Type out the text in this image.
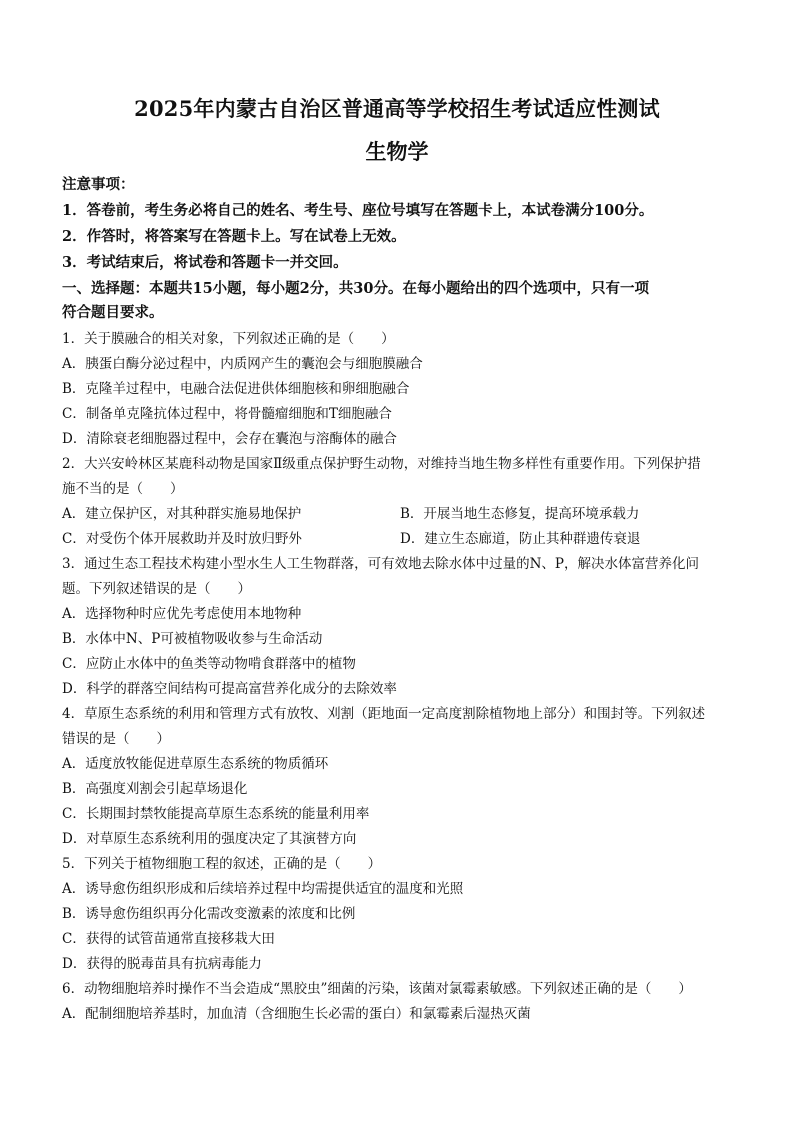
2025年内蒙古自治区普通高等学校招生考试适应性测试
生物学
注意事项：
1．答卷前，考生务必将自己的姓名、考生号、座位号填写在答题卡上，本试卷满分100分。
2．作答时，将答案写在答题卡上。写在试卷上无效。
3．考试结束后，将试卷和答题卡一并交回。
一、选择题：本题共15小题，每小题2分，共30分。在每小题给出的四个选项中，只有一项
符合题目要求。
1．关于膜融合的相关对象，下列叙述正确的是（　　）
A．胰蛋白酶分泌过程中，内质网产生的囊泡会与细胞膜融合
B．克隆羊过程中，电融合法促进供体细胞核和卵细胞融合
C．制备单克隆抗体过程中，将骨髓瘤细胞和T细胞融合
D．清除衰老细胞器过程中，会存在囊泡与溶酶体的融合
2．大兴安岭林区某鹿科动物是国家Ⅱ级重点保护野生动物，对维持当地生物多样性有重要作用。下列保护措
施不当的是（　　）
A．建立保护区，对其种群实施易地保护	B．开展当地生态修复，提高环境承载力
C．对受伤个体开展救助并及时放归野外	D．建立生态廊道，防止其种群遗传衰退
3．通过生态工程技术构建小型水生人工生物群落，可有效地去除水体中过量的N、P，解决水体富营养化问
题。下列叙述错误的是（　　）
A．选择物种时应优先考虑使用本地物种
B．水体中N、P可被植物吸收参与生命活动
C．应防止水体中的鱼类等动物啃食群落中的植物
D．科学的群落空间结构可提高富营养化成分的去除效率
4．草原生态系统的利用和管理方式有放牧、刈割（距地面一定高度割除植物地上部分）和围封等。下列叙述
错误的是（　　）
A．适度放牧能促进草原生态系统的物质循环
B．高强度刈割会引起草场退化
C．长期围封禁牧能提高草原生态系统的能量利用率
D．对草原生态系统利用的强度决定了其演替方向
5．下列关于植物细胞工程的叙述，正确的是（　　）
A．诱导愈伤组织形成和后续培养过程中均需提供适宜的温度和光照
B．诱导愈伤组织再分化需改变激素的浓度和比例
C．获得的试管苗通常直接移栽大田
D．获得的脱毒苗具有抗病毒能力
6．动物细胞培养时操作不当会造成“黑胶虫”细菌的污染，该菌对氯霉素敏感。下列叙述正确的是（　　）
A．配制细胞培养基时，加血清（含细胞生长必需的蛋白）和氯霉素后湿热灭菌
